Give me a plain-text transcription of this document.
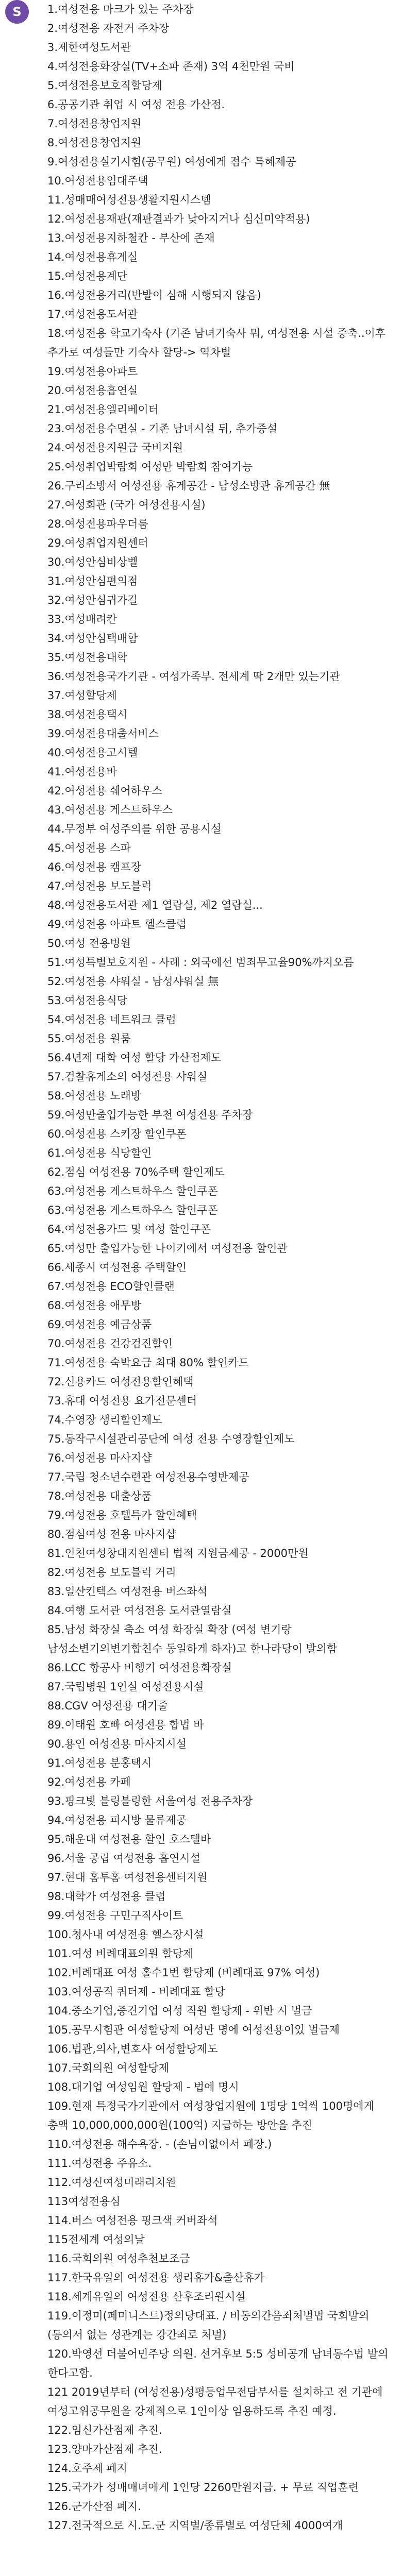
S	1.여성전용 마크가 있는 주차장
2.여성전용 자전거 주차장
3.제한여성도서관
4.여성전용화장실(TV+소파 존재) 3억 4천만원 국비
5.여성전용보호직할당제
6.공공기관 취업 시 여성 전용 가산점.
7.여성전용창업지원
8.여성전용창업지원
9.여성전용실기시험(공무원) 여성에게 점수 특혜제공
10.여성전용임대주택
11.성매매여성전용생활지원시스템
12.여성전용재판(재판결과가 낮아지거나 심신미약적용)
13.여성전용지하철칸 - 부산에 존재
14.여성전용휴게실
15.여성전용계단
16.여성전용거리(반발이 심해 시행되지 않음)
17.여성전용도서관
18.여성전용 학교기숙사 (기존 남녀기숙사 뭐, 여성전용 시설 증축..이후 추가로 여성들만 기숙사 할당-> 역차별
19.여성전용아파트
20.여성전용흡연실
21.여성전용엘리베이터
23.여성전용수면실 - 기존 남녀시설 뒤, 추가증설
24.여성전용지원금 국비지원
25.여성취업박람회 여성만 박람회 참여가능
26.구리소방서 여성전용 휴게공간 - 남성소방관 휴게공간 無
27.여성회관 (국가 여성전용시설)
28.여성전용파우더룸
29.여성취업지원센터
30.여성안심비상벨
31.여성안심편의점
32.여성안심귀가길
33.여성배려칸
34.여성안심택배함
35.여성전용대학
36.여성전용국가기관 - 여성가족부. 전세계 딱 2개만 있는기관
37.여성할당제
38.여성전용택시
39.여성전용대출서비스
40.여성전용고시텔
41.여성전용바
42.여성전용 쉐어하우스
43.여성전용 게스트하우스
44.무정부 여성주의를 위한 공용시설
45.여성전용 스파
46.여성전용 캠프장
47.여성전용 보도블럭
48.여성전용도서관 제1 열람실, 제2 열람실...
49.여성전용 아파트 헬스클럽
50.여성 전용병원
51.여성특별보호지원 - 사례 : 외국에선 범죄무고율90%까지오름
52.여성전용 샤워실 - 남성샤워실 無
53.여성전용식당
54.여성전용 네트워크 클럽
55.여성전용 원룸
56.4년제 대학 여성 할당 가산점제도
57.검찰휴게소의 여성전용 샤워실
58.여성전용 노래방
59.여성만출입가능한 부천 여성전용 주차장
60.여성전용 스키장 할인쿠폰
61.여성전용 식당할인
62.점심 여성전용 70%주택 할인제도
63.여성전용 게스트하우스 할인쿠폰
63.여성전용 게스트하우스 할인쿠폰
64.여성전용카드 및 여성 할인쿠폰
65.여성만 출입가능한 나이키에서 여성전용 할인관
66.세종시 여성전용 주택할인
67.여성전용 ECO할인클랜
68.여성전용 애무방
69.여성전용 예금상품
70.여성전용 건강검진할인
71.여성전용 숙박요금 최대 80% 할인카드
72.신용카드 여성전용할인혜택
73.휴대 여성전용 요가전문센터
74.수영장 생리할인제도
75.동작구시설관리공단에 여성 전용 수영장할인제도
76.여성전용 마사지샵
77.국립 청소년수련관 여성전용수영반제공
78.여성전용 대출상품
79.여성전용 호텔특가 할인혜택
80.점심여성 전용 마사지샵
81.인천여성창대지원센터 법적 지원금제공 - 2000만원
82.여성전용 보도블럭 거리
83.일산킨텍스 여성전용 버스좌석
84.여행 도서관 여성전용 도서관열람실
85.남성 화장실 축소 여성 화장실 확장 (여성 변기랑 남성소변기의변기합친수 동일하게 하자)고 한나라당이 발의함
86.LCC 항공사 비행기 여성전용화장실
87.국립병원 1인실 여성전용시설
88.CGV 여성전용 대기줄
89.이태원 호빠 여성전용 합법 바
90.용인 여성전용 마사지시설
91.여성전용 분홍택시
92.여성전용 카페
93.핑크빛 블링블링한 서울여성 전용주차장
94.여성전용 피시방 물류제공
95.해운대 여성전용 할인 호스텔바
96.서울 공립 여성전용 흡연시설
97.현대 홈투홈 여성전용센터지원
98.대학가 여성전용 클럽
99.여성전용 구민구직사이트
100.청사내 여성전용 헬스장시설
101.여성 비례대표의원 할당제
102.비례대표 여성 홀수1번 할당제 (비례대표 97% 여성)
103.여성공직 쿼터제 - 비례대표 할당
104.중소기업,중견기업 여성 직원 할당제 - 위반 시 벌금
105.공무시험관 여성할당제 여성만 명에 여성전용이있 벌금제
106.법관,의사,변호사 여성할당제도
107.국회의원 여성할당제
108.대기업 여성임원 할당제 - 법에 명시
109.현재 특정국가기관에서 여성창업지원에 1명당 1억씩 100명에게 총액 10,000,000,000원(100억) 지급하는 방안을 추진
110.여성전용 해수욕장. - (손님이없어서 폐장.)
111.여성전용 주유소.
112.여성신여성미래리치원
113여성전용심
114.버스 여성전용 핑크색 커버좌석
115전세계 여성의날
116.국회의원 여성추천보조금
117.한국유일의 여성전용 생리휴가&출산휴가
118.세계유일의 여성전용 산후조리원시설
119.이정미(페미니스트)정의당대표. / 비동의간음죄처벌법 국회발의 (동의서 없는 성관계는 강간죄로 처벌)
120.박영선 더불어민주당 의원. 선거후보 5:5 성비공개 남녀동수법 발의 한다고함.
121 2019년부터 (여성전용)성평등업무전담부서를 설치하고 전 기관에 여성고위공무원을 강제적으로 1인이상 임용하도록 추진 예정.
122.임신가산점제 추진.
123.양마가산점제 추진.
124.호주제 폐지
125.국가가 성매매녀에게 1인당 2260만원지급. + 무료 직업훈련
126.군가산점 폐지.
127.전국적으로 시.도.군 지역별/종류별로 여성단체 4000여개
